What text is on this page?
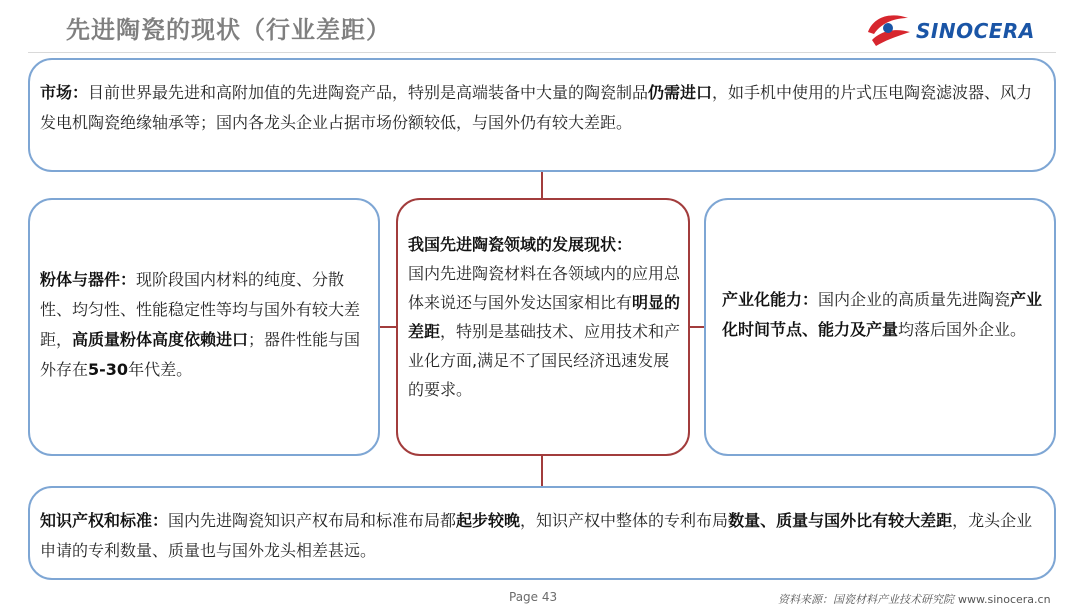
先进陶瓷的现状（行业差距）	SINOCERA
市场：目前世界最先进和高附加值的先进陶瓷产品，特别是高端装备中大量的陶瓷制品仍需进口，如手机中使用的片式压电陶瓷滤波器、风力发电机陶瓷绝缘轴承等；国内各龙头企业占据市场份额较低，与国外仍有较大差距。
粉体与器件：现阶段国内材料的纯度、分散性、均匀性、性能稳定性等均与国外有较大差距，高质量粉体高度依赖进口；器件性能与国外存在5-30年代差。
我国先进陶瓷领域的发展现状：
国内先进陶瓷材料在各领域内的应用总体来说还与国外发达国家相比有明显的差距，特别是基础技术、应用技术和产业化方面,满足不了国民经济迅速发展的要求。
产业化能力：国内企业的高质量先进陶瓷产业化时间节点、能力及产量均落后国外企业。
知识产权和标准：国内先进陶瓷知识产权布局和标准布局都起步较晚，知识产权中整体的专利布局数量、质量与国外比有较大差距，龙头企业申请的专利数量、质量也与国外龙头相差甚远。
Page 43	资料来源：国瓷材料产业技术研究院 www.sinocera.cn
